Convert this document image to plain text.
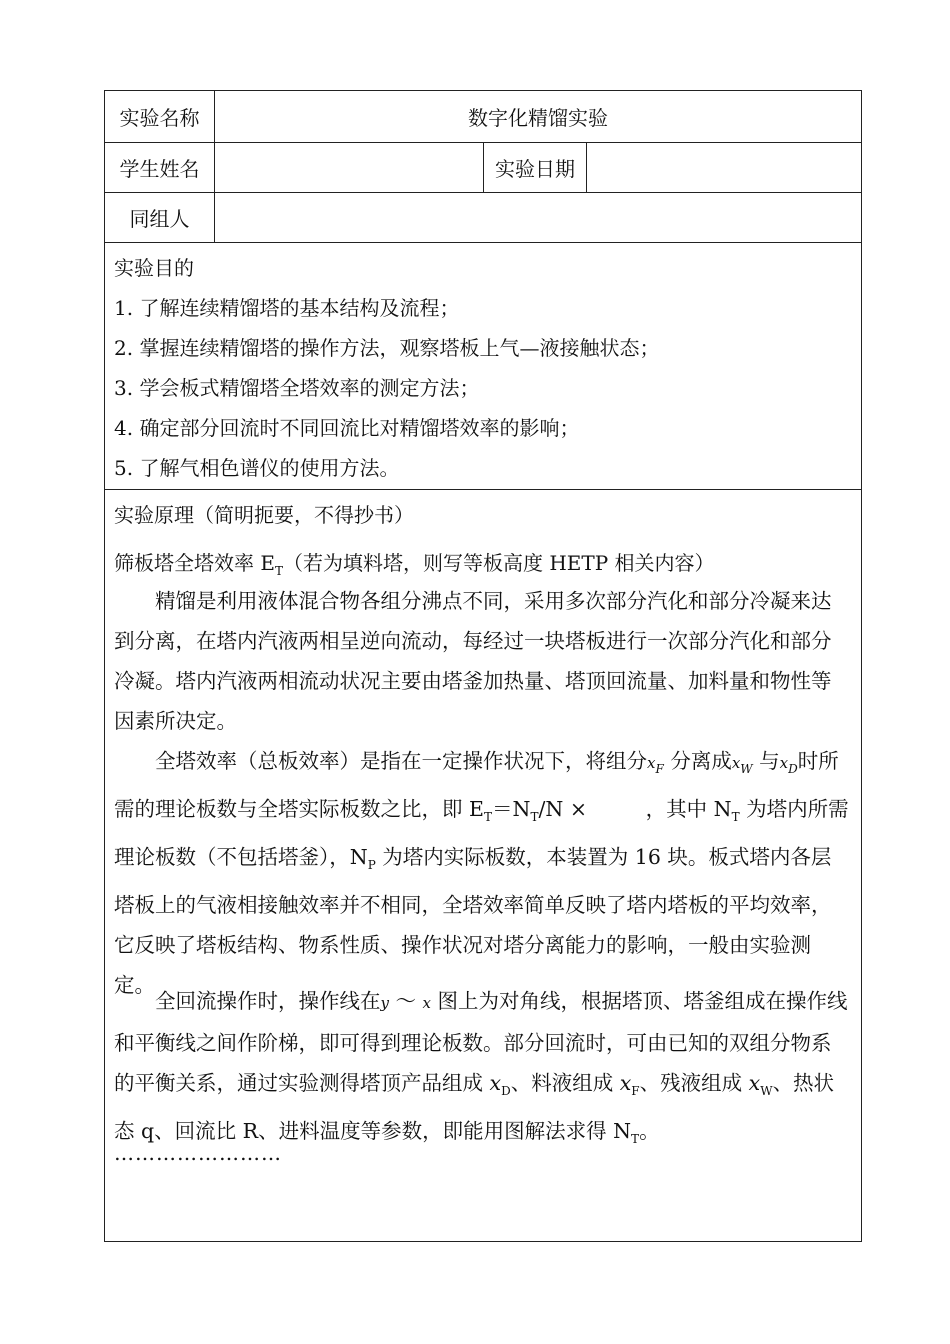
实验名称	数字化精馏实验
学生姓名	实验日期
同组人
实验目的
1. 了解连续精馏塔的基本结构及流程；
2. 掌握连续精馏塔的操作方法，观察塔板上气—液接触状态；
3. 学会板式精馏塔全塔效率的测定方法；
4. 确定部分回流时不同回流比对精馏塔效率的影响；
5. 了解气相色谱仪的使用方法。
实验原理（简明扼要，不得抄书）
筛板塔全塔效率 $E_T$（若为填料塔，则写等板高度 HETP 相关内容）
精馏是利用液体混合物各组分沸点不同，采用多次部分汽化和部分冷凝来达到分离，在塔内汽液两相呈逆向流动，每经过一块塔板进行一次部分汽化和部分冷凝。塔内汽液两相流动状况主要由塔釜加热量、塔顶回流量、加料量和物性等因素所决定。
全塔效率（总板效率）是指在一定操作状况下，将组分$x_F$ 分离成$x_W$ 与$x_D$时所需的理论板数与全塔实际板数之比，即 $E_T=N_T/N$ ×         ，其中 $N_T$ 为塔内所需理论板数（不包括塔釜），$N_P$ 为塔内实际板数，本装置为 16 块。板式塔内各层塔板上的气液相接触效率并不相同，全塔效率简单反映了塔内塔板的平均效率，它反映了塔板结构、物系性质、操作状况对塔分离能力的影响，一般由实验测定。
全回流操作时，操作线在y ～ x 图上为对角线，根据塔顶、塔釜组成在操作线和平衡线之间作阶梯，即可得到理论板数。部分回流时，可由已知的双组分物系的平衡关系，通过实验测得塔顶产品组成 $x_D$、料液组成 $x_F$、残液组成 $x_W$、热状态 q、回流比 R、进料温度等参数，即能用图解法求得 $N_T$。
……………………
